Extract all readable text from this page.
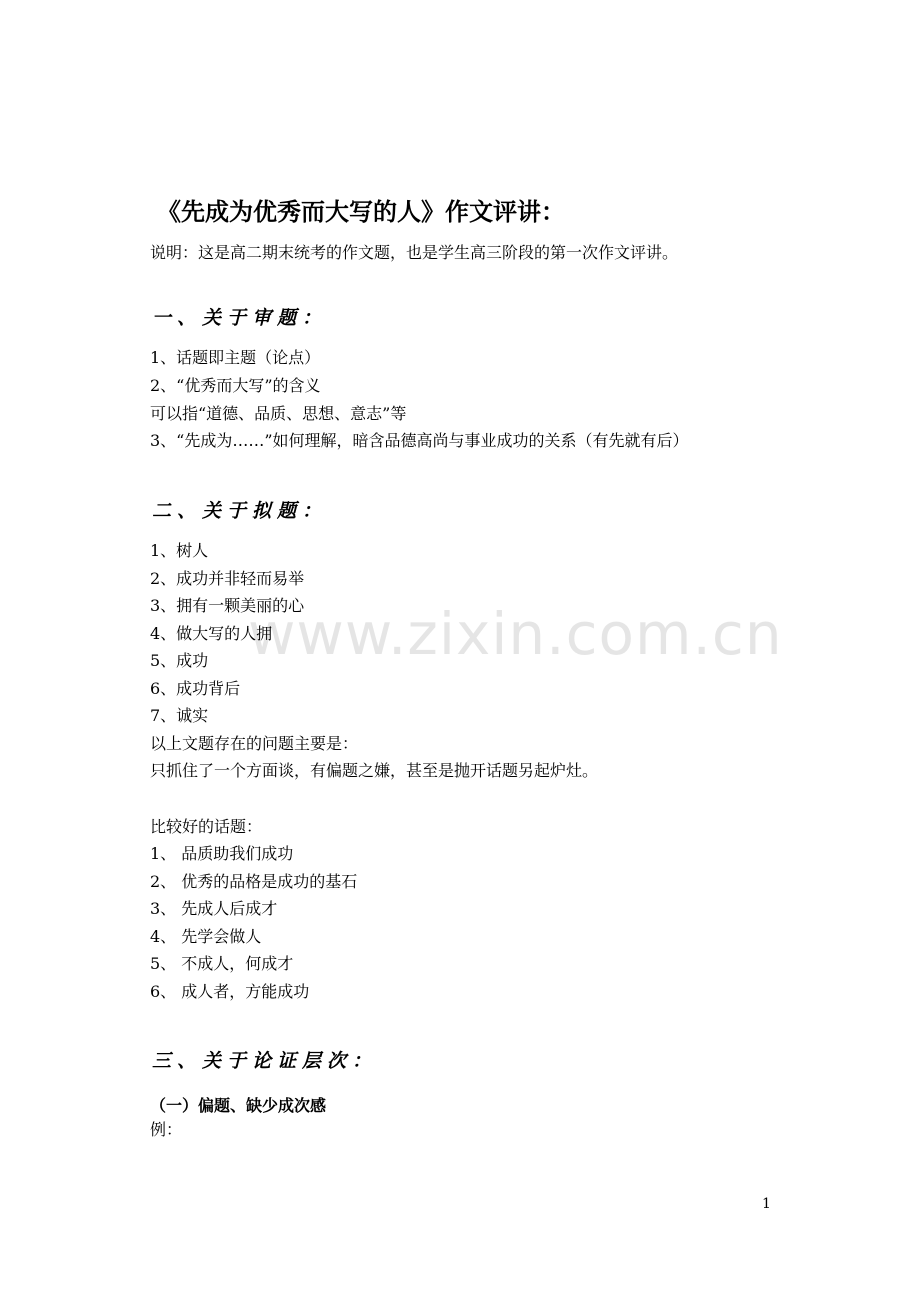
www.zixin.com.cn
《先成为优秀而大写的人》作文评讲：
说明：这是高二期末统考的作文题，也是学生高三阶段的第一次作文评讲。
一、关于审题：
1、话题即主题（论点）
2、“优秀而大写”的含义
可以指“道德、品质、思想、意志”等
3、“先成为……”如何理解，暗含品德高尚与事业成功的关系（有先就有后）
二、关于拟题：
1、树人
2、成功并非轻而易举
3、拥有一颗美丽的心
4、做大写的人拥
5、成功
6、成功背后
7、诚实
以上文题存在的问题主要是：
只抓住了一个方面谈，有偏题之嫌，甚至是抛开话题另起炉灶。
比较好的话题：
1、 品质助我们成功
2、 优秀的品格是成功的基石
3、 先成人后成才
4、 先学会做人
5、 不成人，何成才
6、 成人者，方能成功
三、关于论证层次：
（一）偏题、缺少成次感
例：
1
